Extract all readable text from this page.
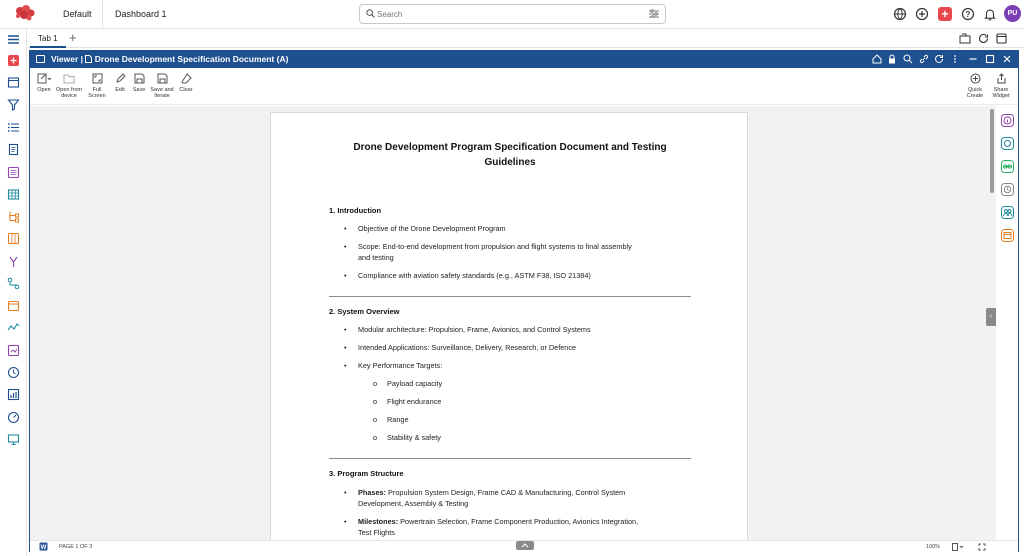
Default	Dashboard 1
Search	+	?	PU
Tab 1 +
Viewer | Drone Development Specification Document (A)
Open Open from
device
Full
Screen
Edit	Save Save and
Iterate
Clear	Quick
Create
Share
Widget
Drone Development Program Specification Document and Testing
Guidelines
1. Introduction
• Objective of the Drone Development Program
• Scope: End-to-end development from propulsion and flight systems to final assembly
and testing
• Compliance with aviation safety standards (e.g., ASTM F38, ISO 21384)
2. System Overview
• Modular architecture: Propulsion, Frame, Avionics, and Control Systems
• Intended Applications: Surveillance, Delivery, Research, or Defence
• Key Performance Targets:
o Payload capacity
o Flight endurance
o Range
o Stability & safety
3. Program Structure
• Phases: Propulsion System Design, Frame CAD & Manufacturing, Control System
Development, Assembly & Testing
• Milestones: Powertrain Selection, Frame Component Production, Avionics Integration,
Test Flights
‹
W PAGE 1 OF 3	100%
